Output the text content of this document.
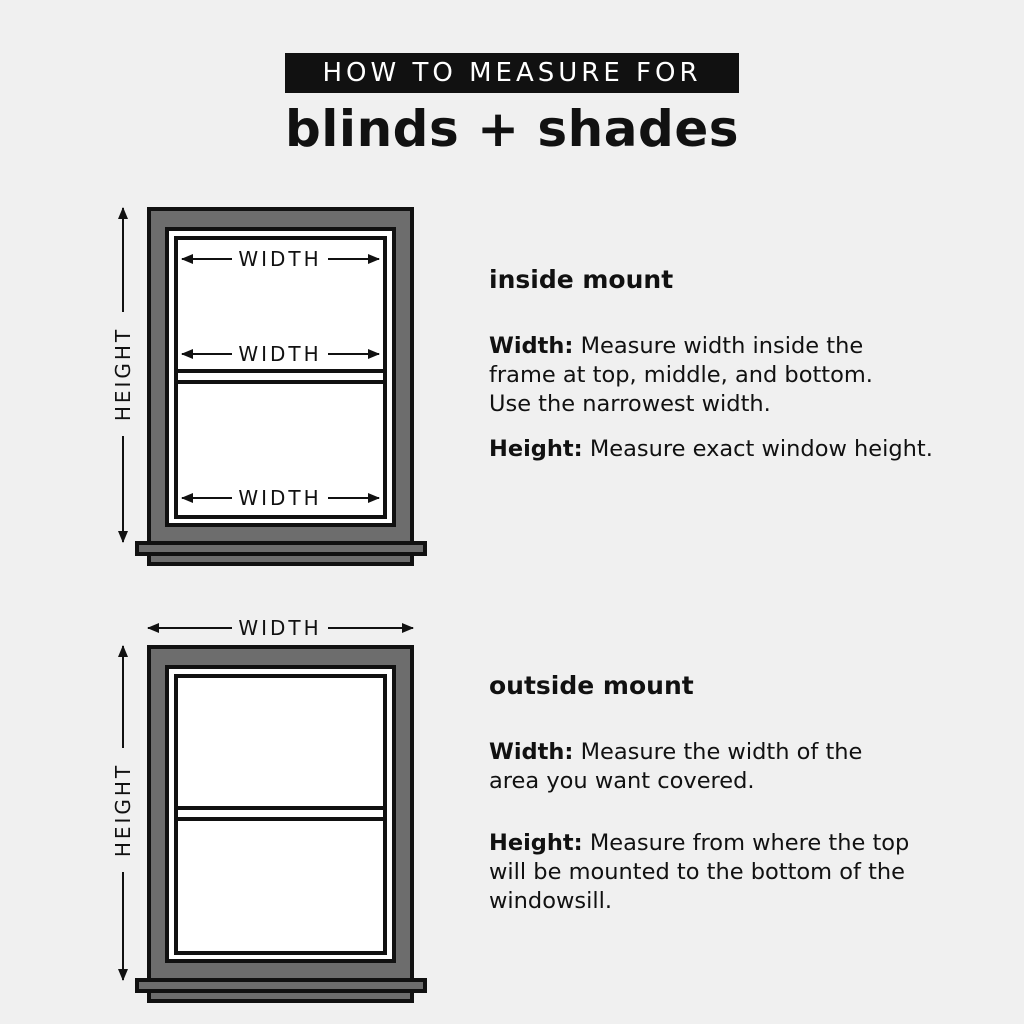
HOW TO MEASURE FOR
blinds + shades
WIDTH
WIDTH
WIDTH
HEIGHT
WIDTH
HEIGHT

inside mount

Width: Measure width inside the frame at top, middle, and bottom. Use the narrowest width.

Height: Measure exact window height.

outside mount

Width: Measure the width of the area you want covered.

Height: Measure from where the top will be mounted to the bottom of the windowsill.
